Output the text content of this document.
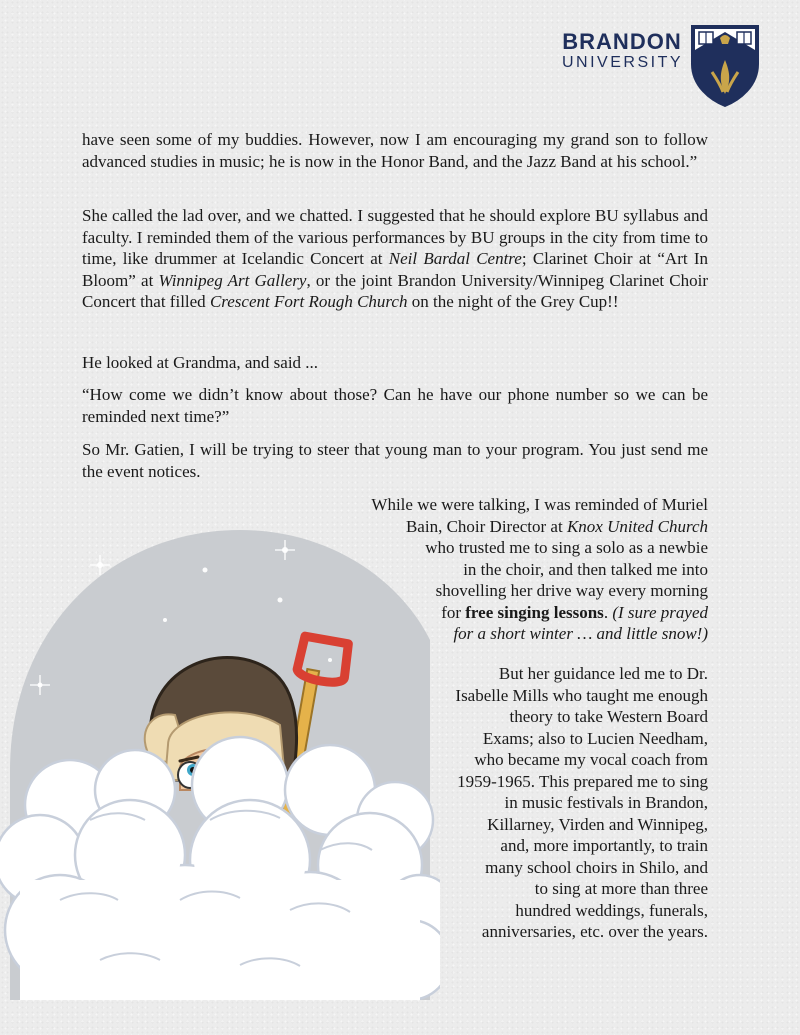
BRANDON
UNIVERSITY

have seen some of my buddies. However, now I am encouraging my grand son to follow advanced studies in music; he is now in the Honor Band, and the Jazz Band at his school.”

She called the lad over, and we chatted. I suggested that he should explore BU syllabus and faculty. I reminded them of the various performances by BU groups in the city from time to time, like drummer at Icelandic Concert at Neil Bardal Centre; Clarinet Choir at “Art In Bloom” at Winnipeg Art Gallery, or the joint Brandon University/Winnipeg Clarinet Choir Concert that filled Crescent Fort Rough Church on the night of the Grey Cup!!

He looked at Grandma, and said ...

“How come we didn’t know about those? Can he have our phone number so we can be reminded next time?”

So Mr. Gatien, I will be trying to steer that young man to your program. You just send me the event notices.

While we were talking, I was reminded of Muriel
Bain, Choir Director at Knox United Church
who trusted me to sing a solo as a newbie
in the choir, and then talked me into
shovelling her drive way every morning
for free singing lessons. (I sure prayed
for a short winter … and little snow!)
But her guidance led me to Dr.
Isabelle Mills who taught me enough
theory to take Western Board
Exams; also to Lucien Needham,
who became my vocal coach from
1959-1965. This prepared me to sing
in music festivals in Brandon,
Killarney, Virden and Winnipeg,
and, more importantly, to train
many school choirs in Shilo, and
to sing at more than three
hundred weddings, funerals,
anniversaries, etc. over the years.
